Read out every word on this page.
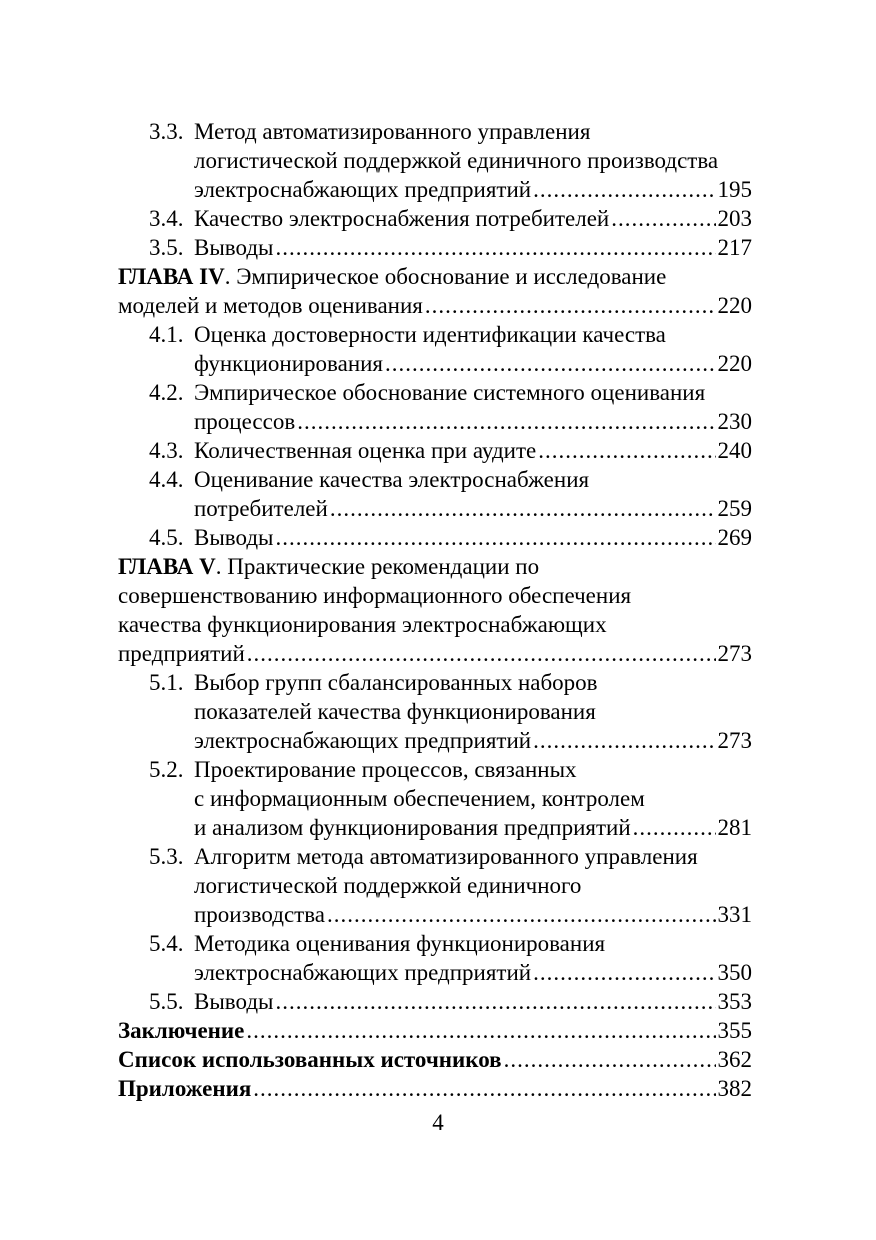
3.3. Метод автоматизированного управления
логистической поддержкой единичного производства
электроснабжающих предприятий .....	195
3.4. Качество электроснабжения потребителей .....	203
3.5. Выводы .....	217
ГЛАВА IV . Эмпирическое обоснование и исследование
моделей и методов оценивания .....	220
4.1. Оценка достоверности идентификации качества
функционирования .....	220
4.2. Эмпирическое обоснование системного оценивания
процессов .....	230
4.3. Количественная оценка при аудите .....	240
4.4. Оценивание качества электроснабжения
потребителей .....	259
4.5. Выводы .....	269
ГЛАВА V . Практические рекомендации по
совершенствованию информационного обеспечения
качества функционирования электроснабжающих
предприятий .....	273
5.1. Выбор групп сбалансированных наборов
показателей качества функционирования
электроснабжающих предприятий .....	273
5.2. Проектирование процессов, связанных
с информационным обеспечением, контролем
и анализом функционирования предприятий .....	281
5.3. Алгоритм метода автоматизированного управления
логистической поддержкой единичного
производства .....	331
5.4. Методика оценивания функционирования
электроснабжающих предприятий .....	350
5.5. Выводы .....	353
Заключение .....	355
Список использованных источников .....	362
Приложения .....	382
4
